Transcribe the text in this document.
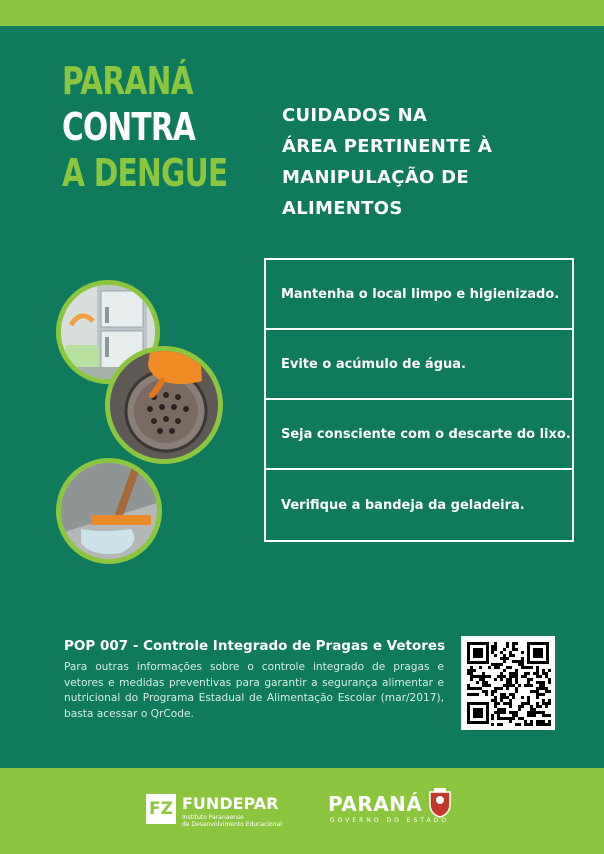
PARANÁ
CONTRA
A DENGUE
CUIDADOS NA
ÁREA PERTINENTE À
MANIPULAÇÃO DE
ALIMENTOS
Mantenha o local limpo e higienizado.
Evite o acúmulo de água.
Seja consciente com o descarte do lixo.
Verifique a bandeja da geladeira.
POP 007 - Controle Integrado de Pragas e Vetores
Para outras informações sobre o controle integrado de pragas e vetores e medidas preventivas para garantir a segurança alimentar e nutricional do Programa Estadual de Alimentação Escolar (mar/2017), basta acessar o QrCode.
FZ FUNDEPAR
Instituto Paranaense
de Desenvolvimento Educacional
PARANÁ
GOVERNO DO ESTADO
